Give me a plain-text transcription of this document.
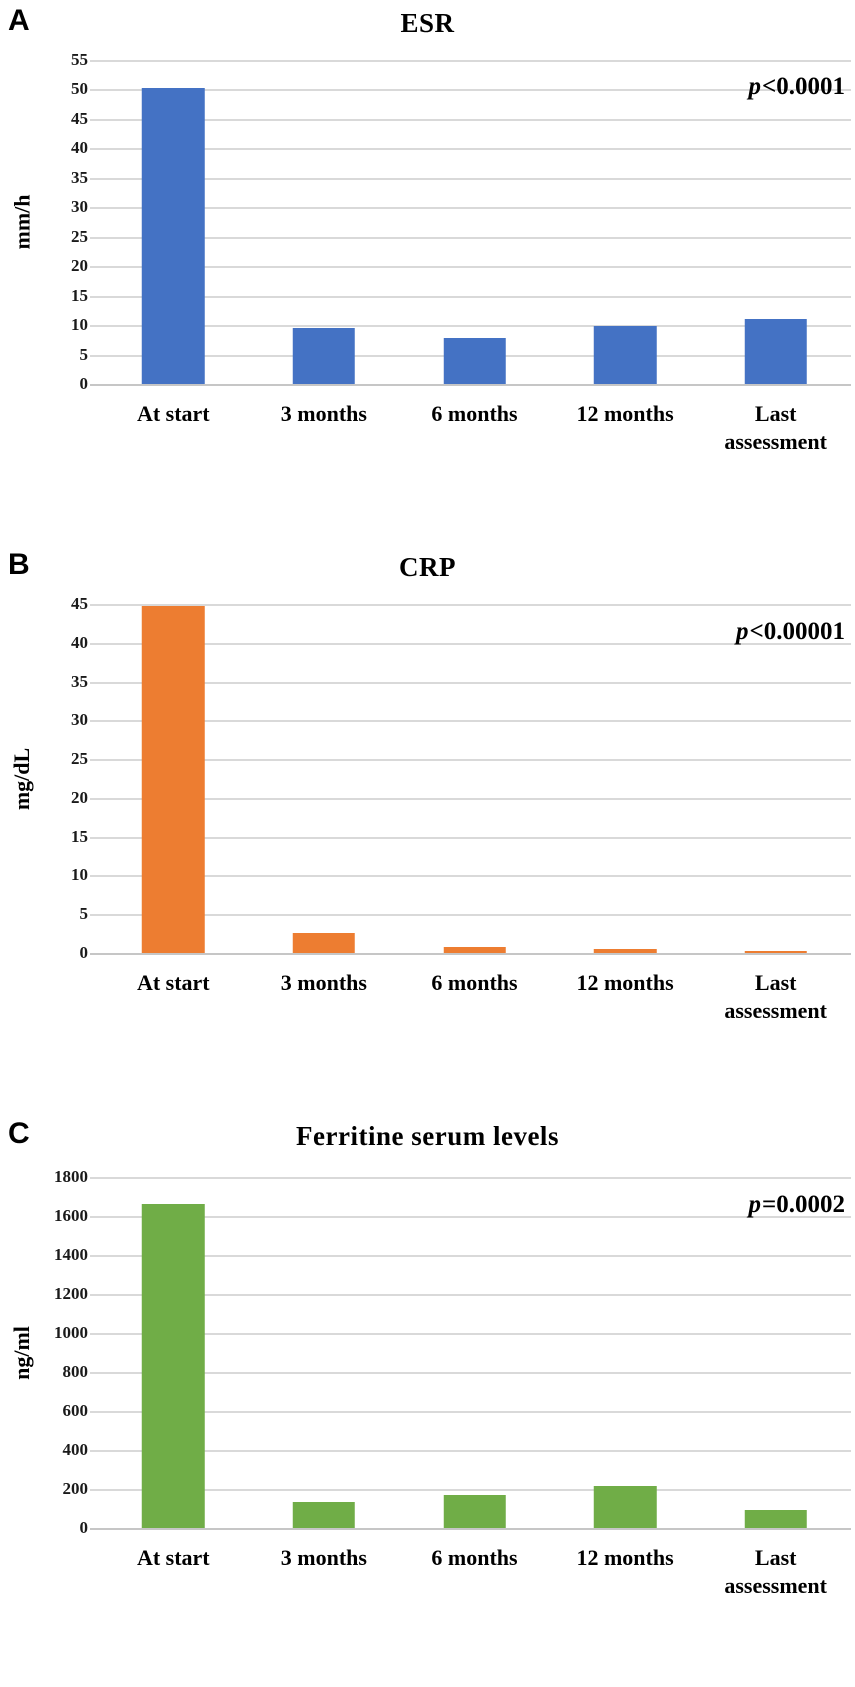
A	ESR
mm/h
0
5
10
15
20
25
30
35
40
45
50
55
p<0.0001
At start	3 months	6 months	12 months	Last assessment
B	CRP
mg/dL
0
5
10
15
20
25
30
35
40
45
p<0.00001
At start	3 months	6 months	12 months	Last assessment
C	Ferritine serum levels
ng/ml
0
200
400
600
800
1000
1200
1400
1600
1800
p=0.0002
At start	3 months	6 months	12 months	Last assessment
